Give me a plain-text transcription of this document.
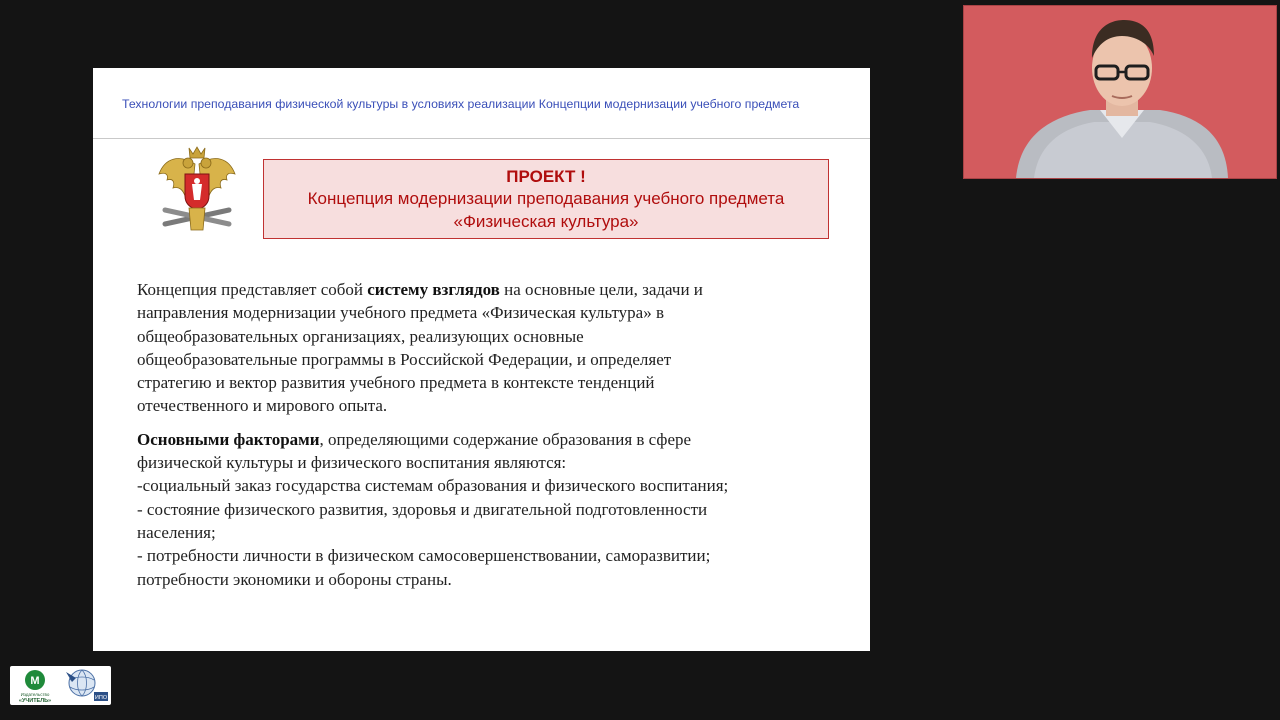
Технологии преподавания физической культуры в условиях реализации Концепции модернизации учебного предмета
ПРОЕКТ !
Концепция модернизации преподавания учебного предмета
«Физическая культура»

Концепция представляет собой систему взглядов на основные цели, задачи и
направления модернизации учебного предмета «Физическая культура» в
общеобразовательных организациях, реализующих основные
общеобразовательные программы в Российской Федерации, и определяет
стратегию и вектор развития учебного предмета в контексте тенденций
отечественного и мирового опыта.

Основными факторами, определяющими содержание образования в сфере
физической культуры и физического воспитания являются:
-социальный заказ государства системам образования и физического воспитания;
- состояние физического развития, здоровья и двигательной подготовленности
населения;
- потребности личности в физическом самосовершенствовании, саморазвитии;
потребности экономики и обороны страны.

М
Издательство
«УЧИТЕЛЬ»	ИПО
